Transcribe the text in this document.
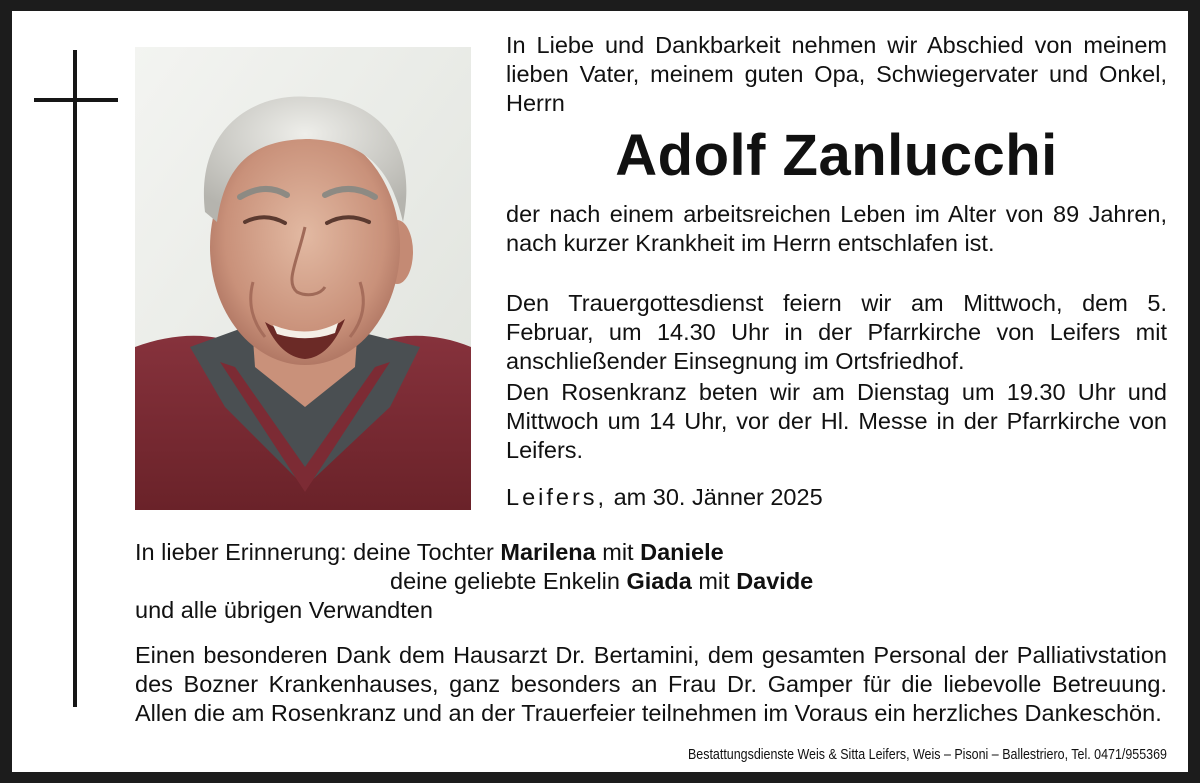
In Liebe und Dankbarkeit nehmen wir Abschied von meinem lieben Vater, meinem guten Opa, Schwiegervater und Onkel, Herrn
Adolf Zanlucchi
der nach einem arbeitsreichen Leben im Alter von 89 Jahren, nach kurzer Krankheit im Herrn entschlafen ist.
Den Trauergottesdienst feiern wir am Mittwoch, dem 5. Februar, um 14.30 Uhr in der Pfarrkirche von Leifers mit anschließender Einsegnung im Ortsfriedhof.
Den Rosenkranz beten wir am Dienstag um 19.30 Uhr und Mittwoch um 14 Uhr, vor der Hl. Messe in der Pfarrkirche von Leifers.
Leifers, am 30. Jänner 2025
In lieber Erinnerung: deine Tochter Marilena mit Daniele
deine geliebte Enkelin Giada mit Davide
und alle übrigen Verwandten
Einen besonderen Dank dem Hausarzt Dr. Bertamini, dem gesamten Personal der Palliativstation des Bozner Krankenhauses, ganz besonders an Frau Dr. Gamper für die liebevolle Betreuung. Allen die am Rosenkranz und an der Trauerfeier teilnehmen im Voraus ein herzliches Dankeschön.
Bestattungsdienste Weis & Sitta Leifers, Weis – Pisoni – Ballestriero, Tel. 0471/955369
